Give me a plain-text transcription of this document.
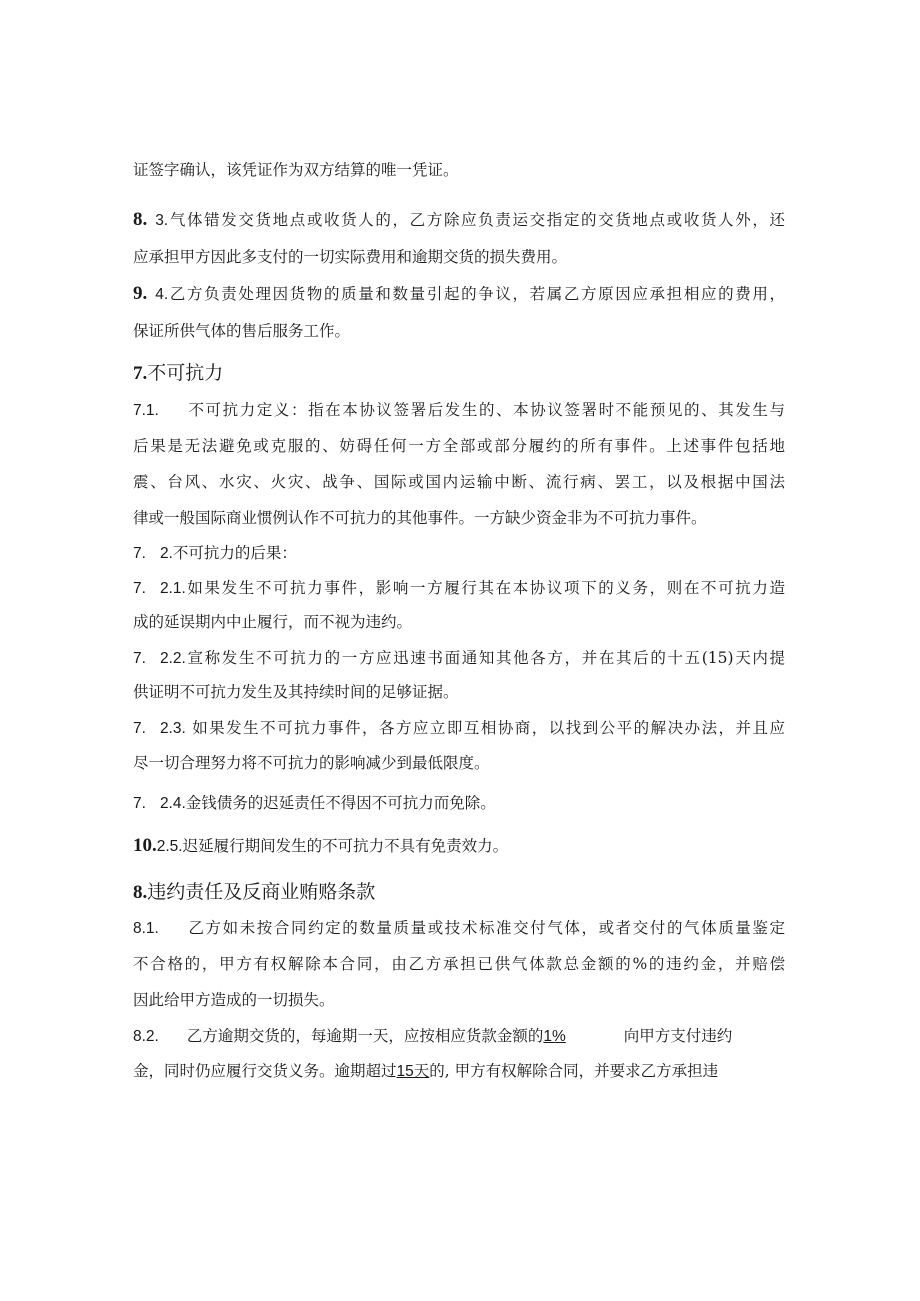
证签字确认，该凭证作为双方结算的唯一凭证。
8. 3.气体错发交货地点或收货人的，乙方除应负责运交指定的交货地点或收货人外，还
应承担甲方因此多支付的一切实际费用和逾期交货的损失费用。
9. 4.乙方负责处理因货物的质量和数量引起的争议，若属乙方原因应承担相应的费用，
保证所供气体的售后服务工作。
7.不可抗力
7.1. 不可抗力定义：指在本协议签署后发生的、本协议签署时不能预见的、其发生与
后果是无法避免或克服的、妨碍任何一方全部或部分履约的所有事件。上述事件包括地
震、台风、水灾、火灾、战争、国际或国内运输中断、流行病、罢工，以及根据中国法
律或一般国际商业惯例认作不可抗力的其他事件。一方缺少资金非为不可抗力事件。
7. 2.不可抗力的后果：
7. 2.1.如果发生不可抗力事件，影响一方履行其在本协议项下的义务，则在不可抗力造
成的延误期内中止履行，而不视为违约。
7. 2.2.宣称发生不可抗力的一方应迅速书面通知其他各方，并在其后的十五(15)天内提
供证明不可抗力发生及其持续时间的足够证据。
7. 2.3. 如果发生不可抗力事件，各方应立即互相协商，以找到公平的解决办法，并且应
尽一切合理努力将不可抗力的影响减少到最低限度。
7. 2.4.金钱债务的迟延责任不得因不可抗力而免除。
10.2.5.迟延履行期间发生的不可抗力不具有免责效力。
8.违约责任及反商业贿赂条款
8.1. 乙方如未按合同约定的数量质量或技术标准交付气体，或者交付的气体质量鉴定
不合格的，甲方有权解除本合同，由乙方承担已供气体款总金额的%的违约金，并赔偿
因此给甲方造成的一切损失。
8.2. 乙方逾期交货的，每逾期一天，应按相应货款金额的1%	向甲方支付违约
金，同时仍应履行交货义务。逾期超过15天的, 甲方有权解除合同，并要求乙方承担违
